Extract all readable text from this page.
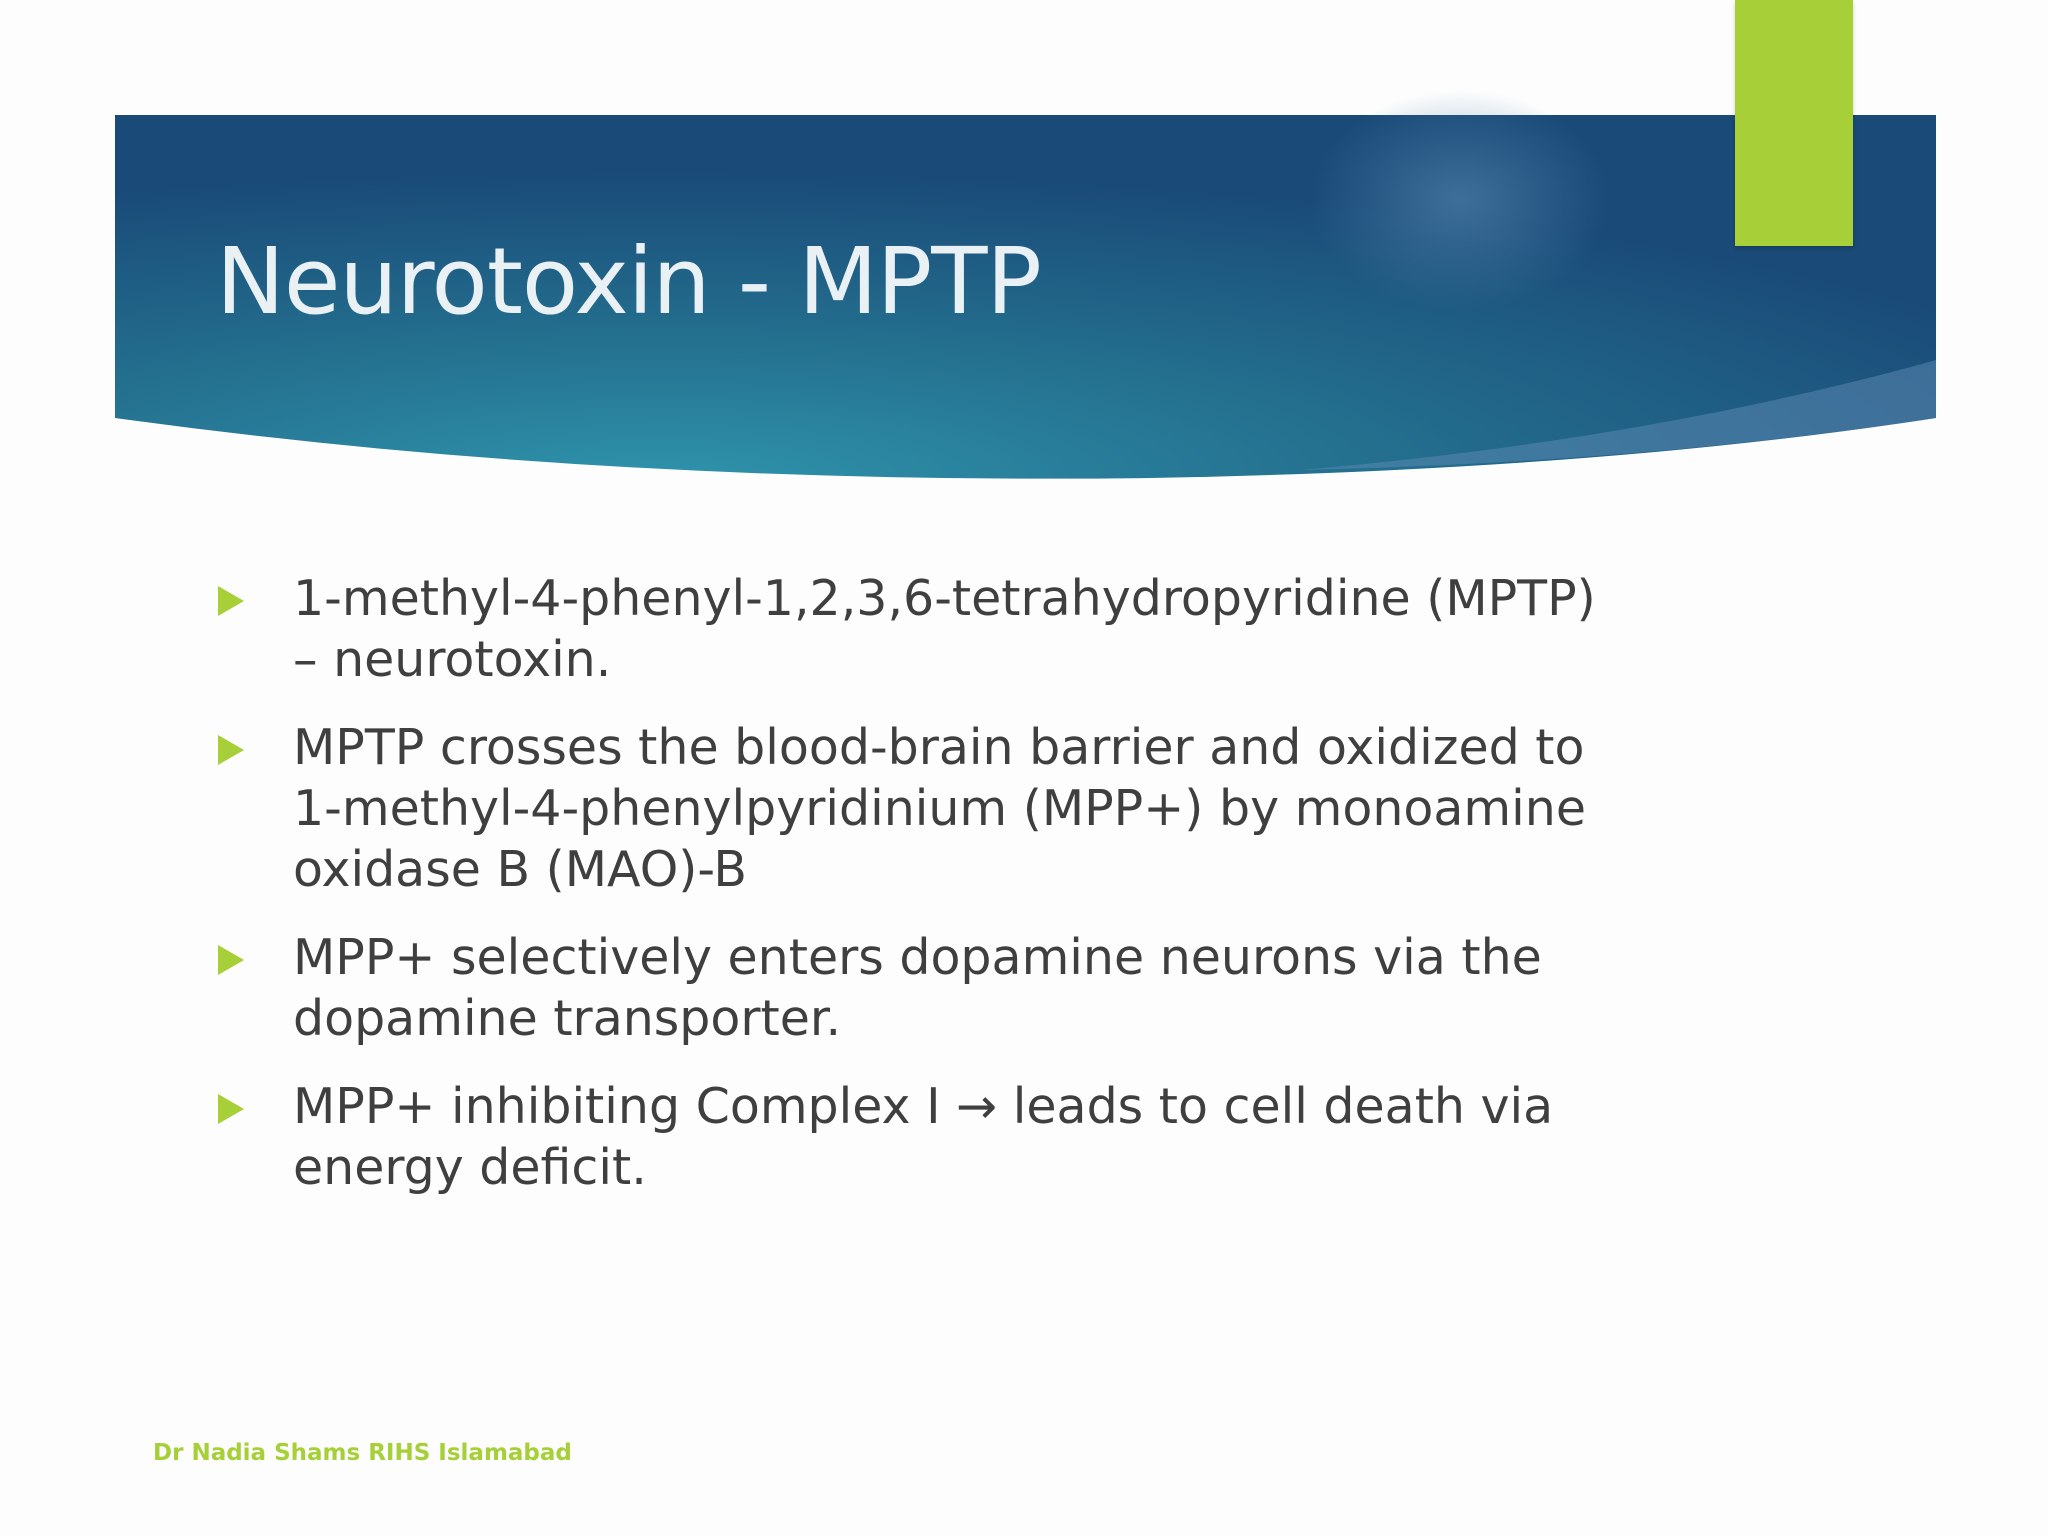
Neurotoxin - MPTP
1-methyl-4-phenyl-1,2,3,6-tetrahydropyridine (MPTP)
– neurotoxin.
MPTP crosses the blood-brain barrier and oxidized to
1-methyl-4-phenylpyridinium (MPP+) by monoamine
oxidase B (MAO)-B
MPP+ selectively enters dopamine neurons via the
dopamine transporter.
MPP+ inhibiting Complex I → leads to cell death via
energy deficit.
Dr Nadia Shams RIHS Islamabad
